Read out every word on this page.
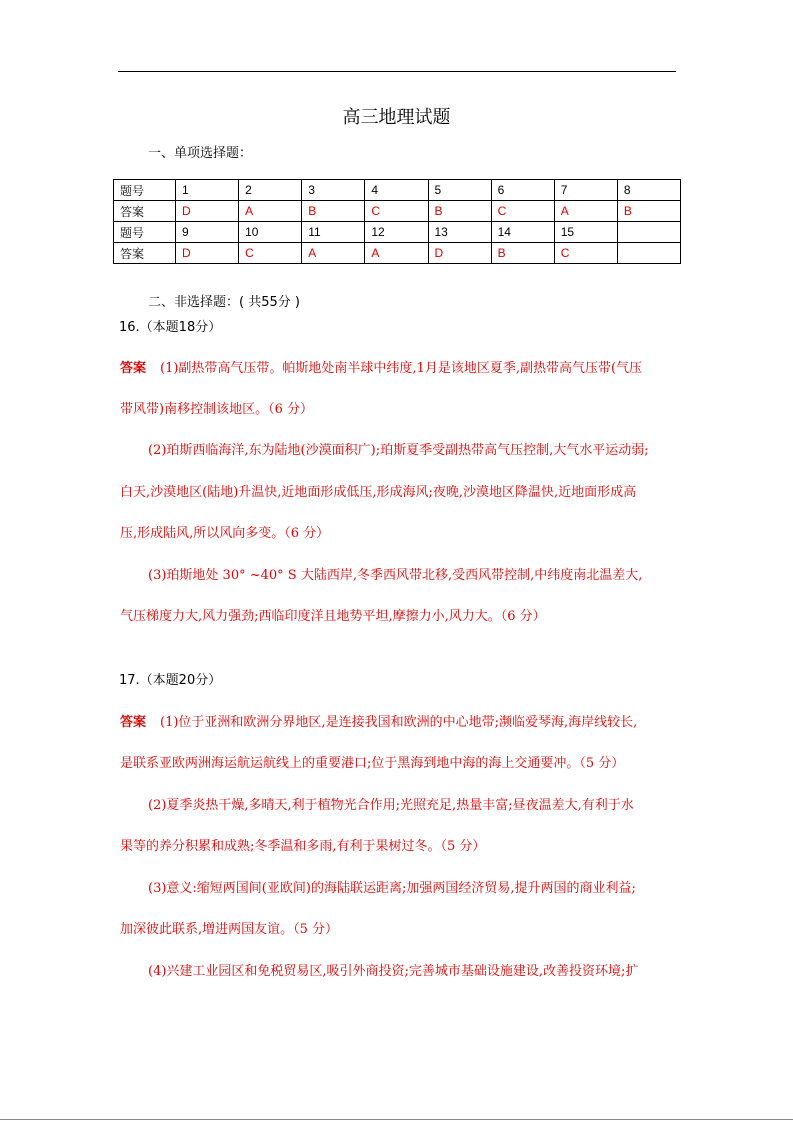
高三地理试题
一、单项选择题：
题号	1	2	3	4	5	6	7	8
答案	D	A	B	C	B	C	A	B
题号	9	10	11	12	13	14	15	
答案	D	C	A	A	D	B	C	
二、非选择题：( 共55分 )
16.（本题18分）
答案 (1)副热带高气压带。帕斯地处南半球中纬度,1月是该地区夏季,副热带高气压带(气压
带风带)南移控制该地区。（6 分）
(2)珀斯西临海洋,东为陆地(沙漠面积广);珀斯夏季受副热带高气压控制,大气水平运动弱;
白天,沙漠地区(陆地)升温快,近地面形成低压,形成海风;夜晚,沙漠地区降温快,近地面形成高
压,形成陆风,所以风向多变。（6 分）
(3)珀斯地处 30° ~40° S 大陆西岸,冬季西风带北移,受西风带控制,中纬度南北温差大,
气压梯度力大,风力强劲;西临印度洋且地势平坦,摩擦力小,风力大。（6 分）
17.（本题20分）
答案 (1)位于亚洲和欧洲分界地区,是连接我国和欧洲的中心地带;濒临爱琴海,海岸线较长,
是联系亚欧两洲海运航运航线上的重要港口;位于黑海到地中海的海上交通要冲。（5 分）
(2)夏季炎热干燥,多晴天,利于植物光合作用;光照充足,热量丰富;昼夜温差大,有利于水
果等的养分积累和成熟;冬季温和多雨,有利于果树过冬。（5 分）
(3)意义:缩短两国间(亚欧间)的海陆联运距离;加强两国经济贸易,提升两国的商业利益;
加深彼此联系,增进两国友谊。（5 分）
(4)兴建工业园区和免税贸易区,吸引外商投资;完善城市基础设施建设,改善投资环境;扩
